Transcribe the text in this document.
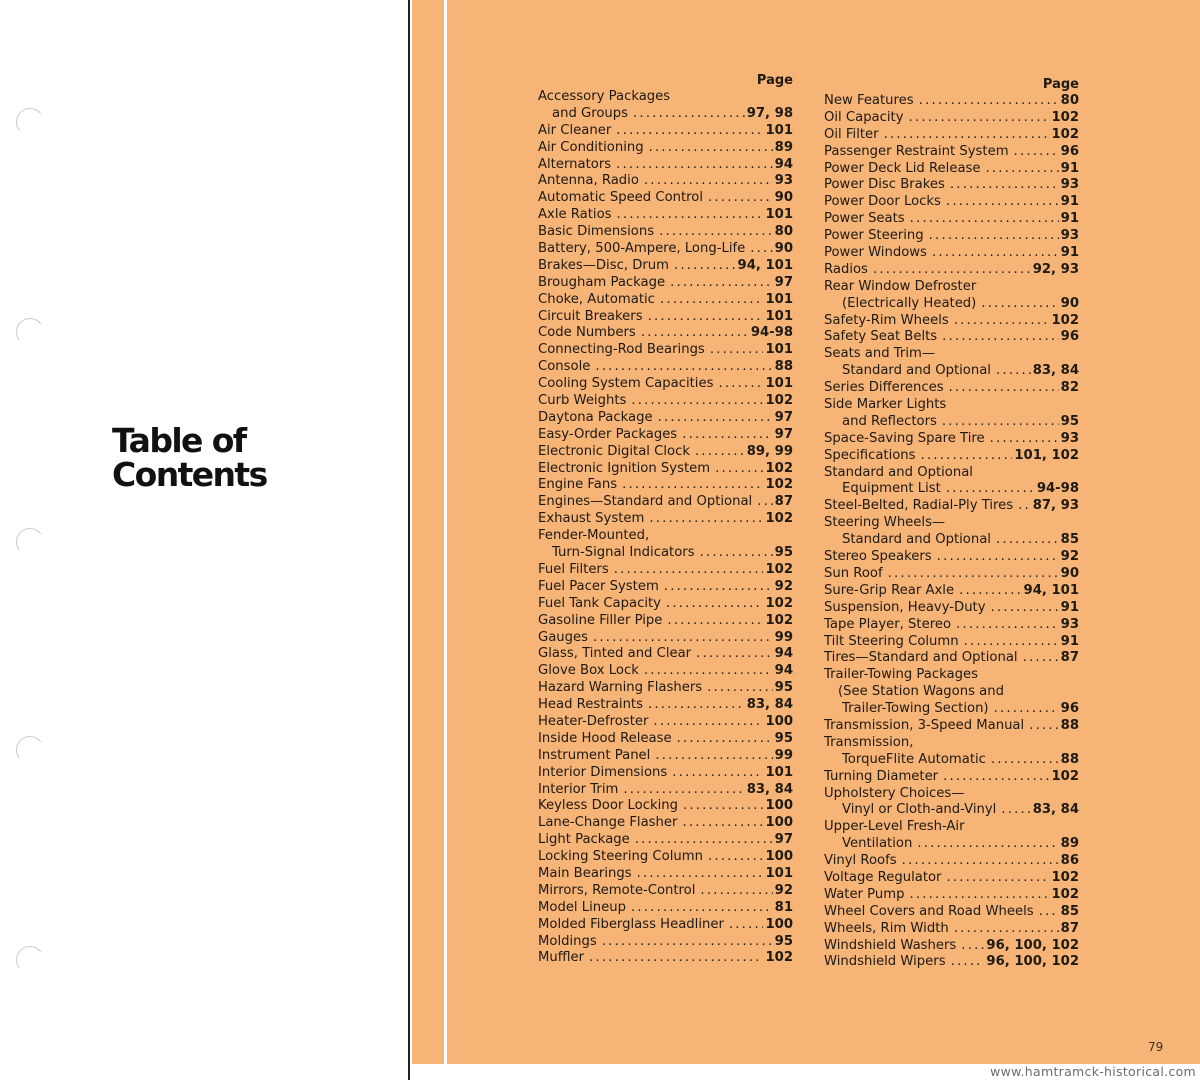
Table of
Contents
Page
Accessory Packages
and Groups .....	97, 98
Air Cleaner .....	101
Air Conditioning .....	89
Alternators .....	94
Antenna, Radio .....	93
Automatic Speed Control .....	90
Axle Ratios .....	101
Basic Dimensions .....	80
Battery, 500-Ampere, Long-Life ..... 90
Brakes—Disc, Drum .....	94, 101
Brougham Package .....	97
Choke, Automatic .....	101
Circuit Breakers .....	101
Code Numbers .....	94-98
Connecting-Rod Bearings .....	101
Console .....	88
Cooling System Capacities .....	101
Curb Weights .....	102
Daytona Package .....	97
Easy-Order Packages .....	97
Electronic Digital Clock .....	89, 99
Electronic Ignition System .....	102
Engine Fans .....	102
Engines—Standard and Optional ..... 87
Exhaust System .....	102
Fender-Mounted,
Turn-Signal Indicators .....	95
Fuel Filters .....	102
Fuel Pacer System .....	92
Fuel Tank Capacity .....	102
Gasoline Filler Pipe .....	102
Gauges .....	99
Glass, Tinted and Clear .....	94
Glove Box Lock .....	94
Hazard Warning Flashers .....	95
Head Restraints .....	83, 84
Heater-Defroster .....	100
Inside Hood Release .....	95
Instrument Panel .....	99
Interior Dimensions .....	101
Interior Trim .....	83, 84
Keyless Door Locking .....	100
Lane-Change Flasher .....	100
Light Package .....	97
Locking Steering Column .....	100
Main Bearings .....	101
Mirrors, Remote-Control .....	92
Model Lineup .....	81
Molded Fiberglass Headliner .....	100
Moldings .....	95
Muffler .....	102
Page
New Features .....	80
Oil Capacity .....	102
Oil Filter .....	102
Passenger Restraint System .....	96
Power Deck Lid Release .....	91
Power Disc Brakes .....	93
Power Door Locks .....	91
Power Seats .....	91
Power Steering .....	93
Power Windows .....	91
Radios .....	92, 93
Rear Window Defroster
(Electrically Heated) .....	90
Safety-Rim Wheels .....	102
Safety Seat Belts .....	96
Seats and Trim—
Standard and Optional .....	83, 84
Series Differences .....	82
Side Marker Lights
and Reflectors .....	95
Space-Saving Spare Tire .....	93
Specifications .....	101, 102
Standard and Optional
Equipment List .....	94-98
Steel-Belted, Radial-Ply Tires ..... 87, 93
Steering Wheels—
Standard and Optional .....	85
Stereo Speakers .....	92
Sun Roof .....	90
Sure-Grip Rear Axle .....	94, 101
Suspension, Heavy-Duty .....	91
Tape Player, Stereo .....	93
Tilt Steering Column .....	91
Tires—Standard and Optional .....	87
Trailer-Towing Packages
(See Station Wagons and
Trailer-Towing Section) .....	96
Transmission, 3-Speed Manual .....	88
Transmission,
TorqueFlite Automatic .....	88
Turning Diameter .....	102
Upholstery Choices—
Vinyl or Cloth-and-Vinyl .....	83, 84
Upper-Level Fresh-Air
Ventilation .....	89
Vinyl Roofs .....	86
Voltage Regulator .....	102
Water Pump .....	102
Wheel Covers and Road Wheels ..... 85
Wheels, Rim Width .....	87
Windshield Washers ..... 96, 100, 102
Windshield Wipers .....	96, 100, 102
79
www.hamtramck-historical.com
